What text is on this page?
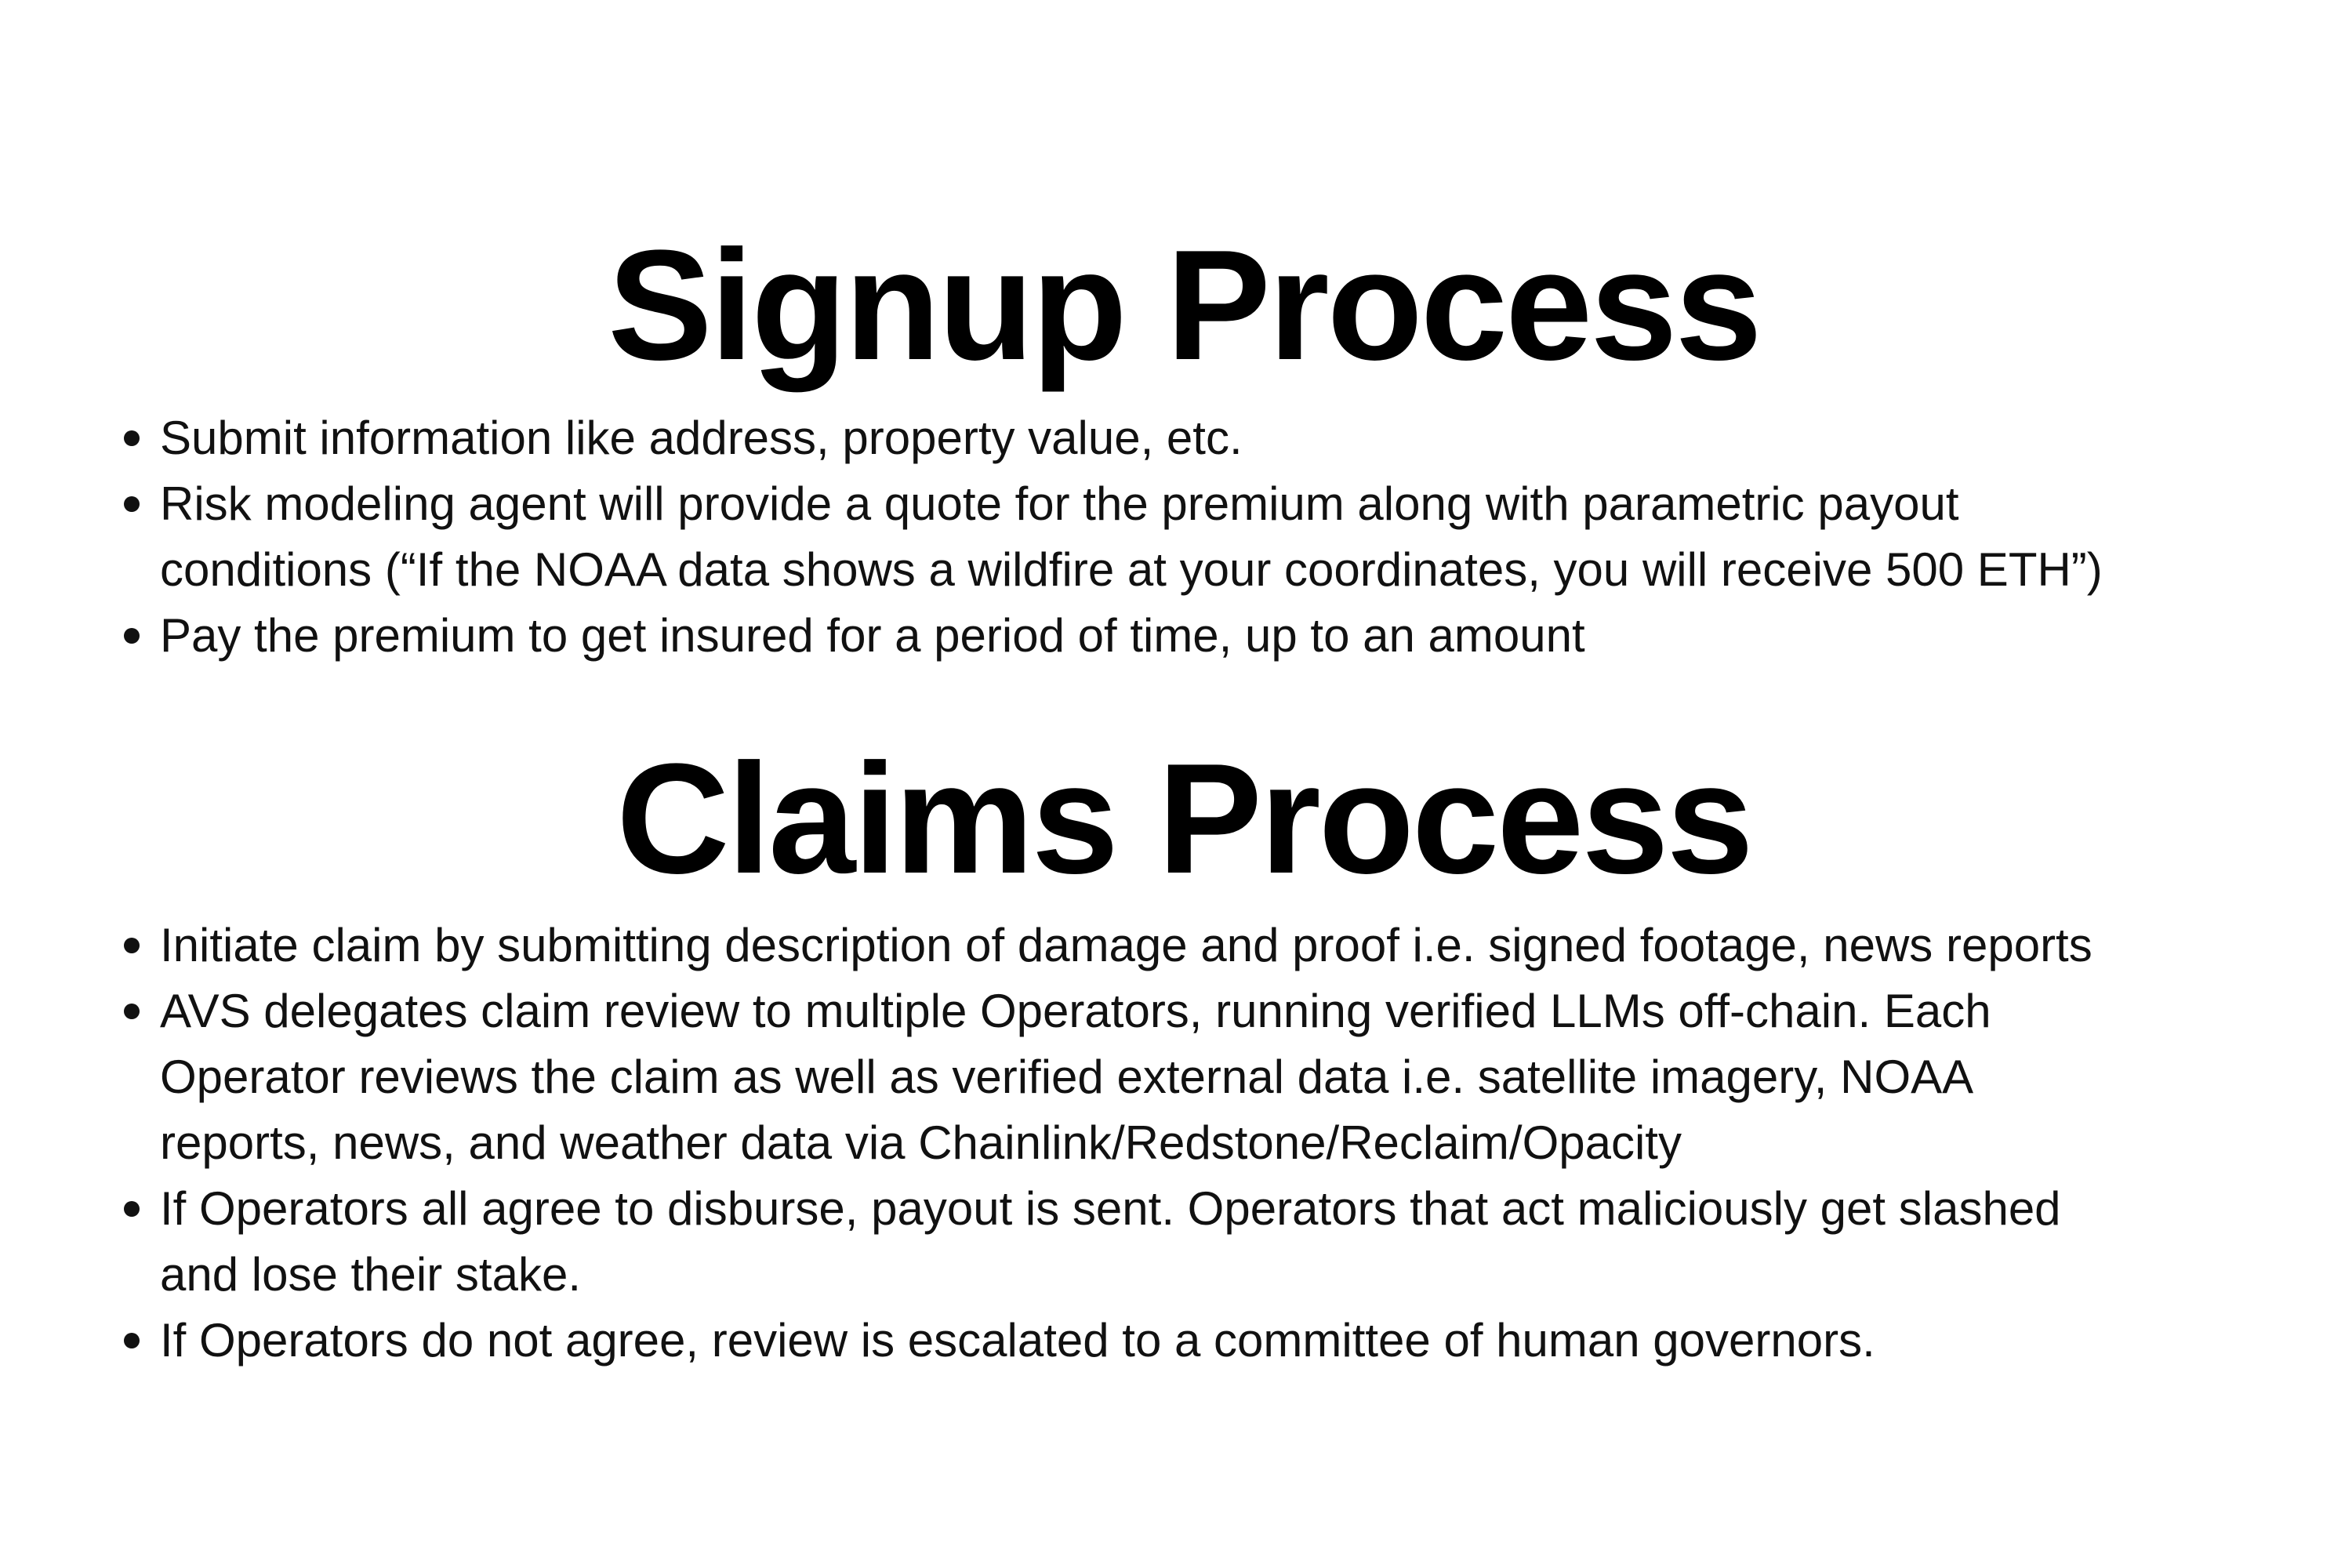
Signup Process
Submit information like address, property value, etc.
Risk modeling agent will provide a quote for the premium along with parametric payout
conditions (“If the NOAA data shows a wildfire at your coordinates, you will receive 500 ETH”)
Pay the premium to get insured for a period of time, up to an amount
Claims Process
Initiate claim by submitting description of damage and proof i.e. signed footage, news reports
AVS delegates claim review to multiple Operators, running verified LLMs off-chain. Each
Operator reviews the claim as well as verified external data i.e. satellite imagery, NOAA
reports, news, and weather data via Chainlink/Redstone/Reclaim/Opacity
If Operators all agree to disburse, payout is sent. Operators that act maliciously get slashed
and lose their stake.
If Operators do not agree, review is escalated to a committee of human governors.
